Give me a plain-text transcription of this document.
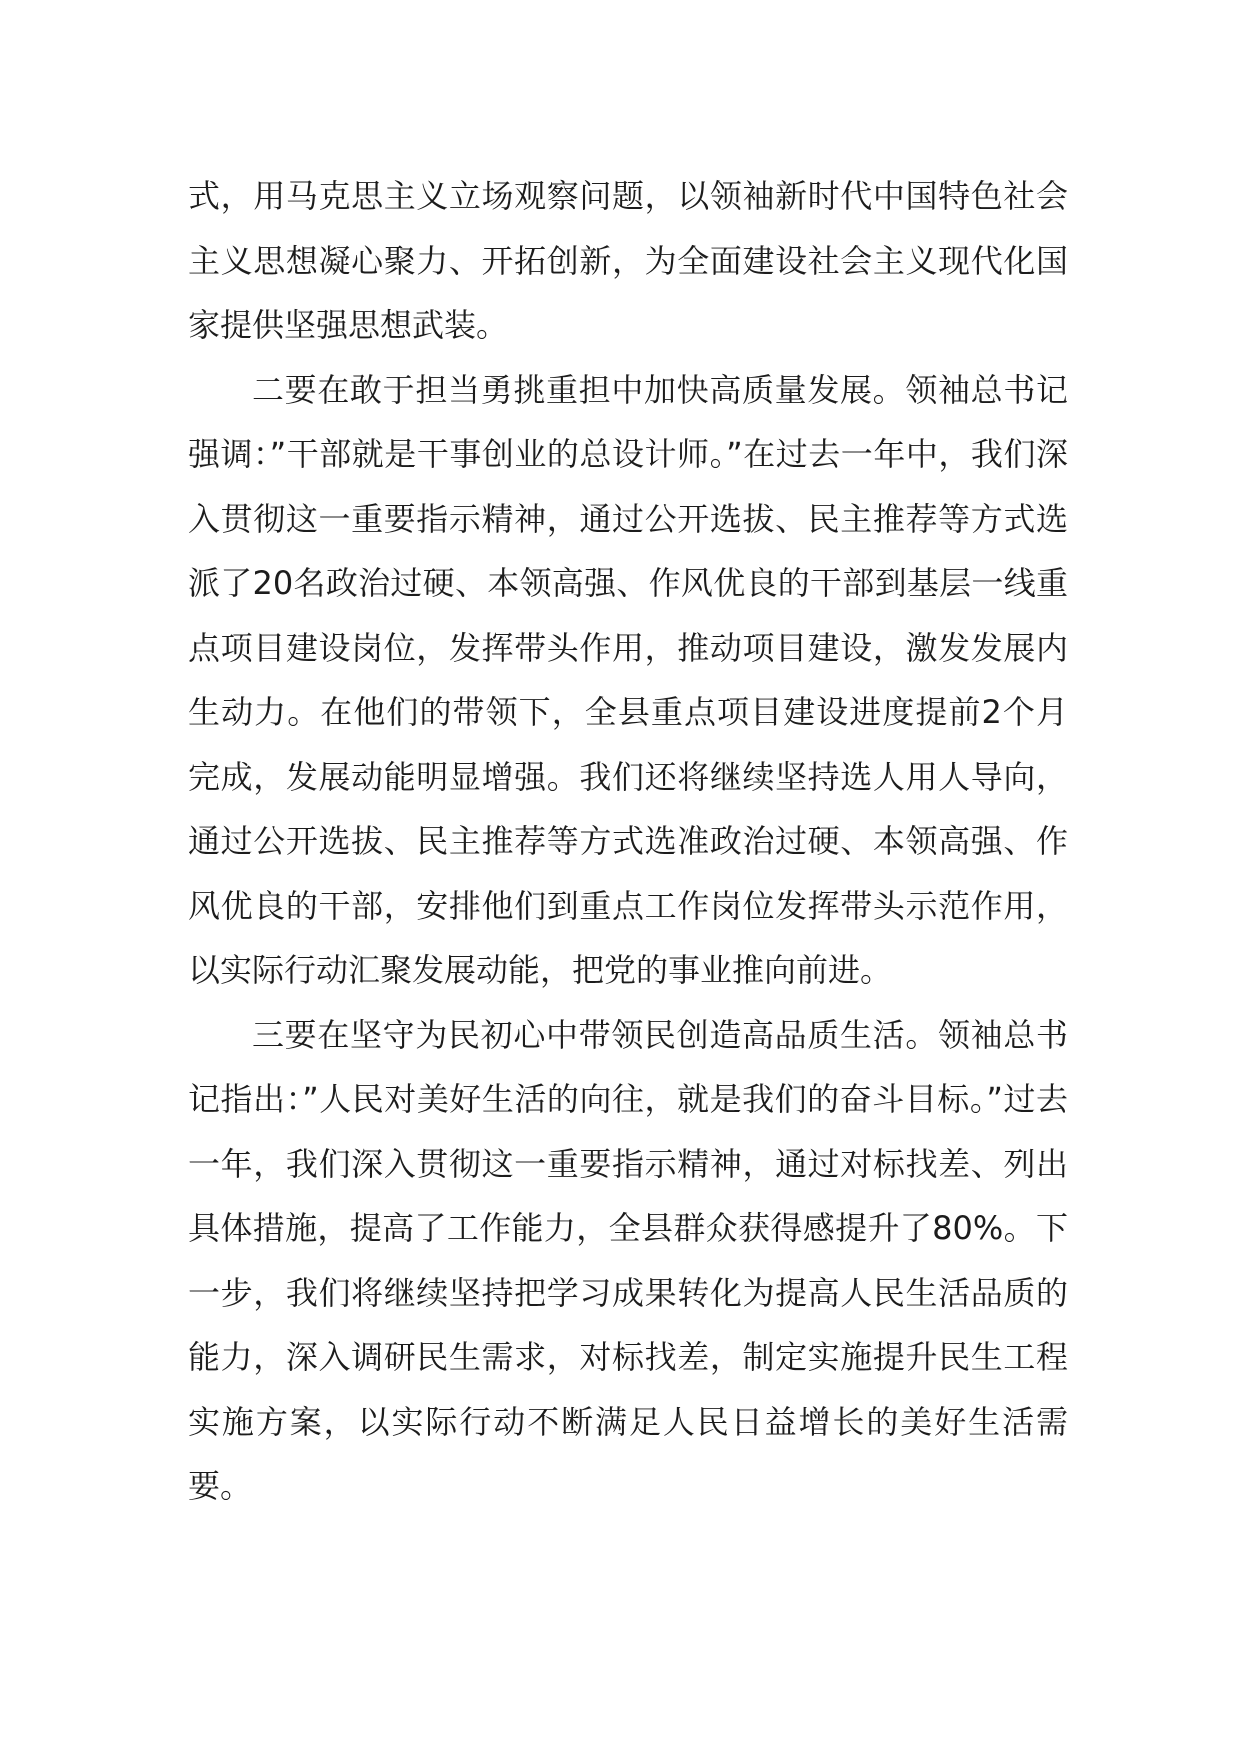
式，用马克思主义立场观察问题，以领袖新时代中国特色社会主义思想凝心聚力、开拓创新，为全面建设社会主义现代化国家提供坚强思想武装。

二要在敢于担当勇挑重担中加快高质量发展。领袖总书记强调：”干部就是干事创业的总设计师。”在过去一年中，我们深入贯彻这一重要指示精神，通过公开选拔、民主推荐等方式选派了20名政治过硬、本领高强、作风优良的干部到基层一线重点项目建设岗位，发挥带头作用，推动项目建设，激发发展内生动力。在他们的带领下，全县重点项目建设进度提前2个月完成，发展动能明显增强。我们还将继续坚持选人用人导向，通过公开选拔、民主推荐等方式选准政治过硬、本领高强、作风优良的干部，安排他们到重点工作岗位发挥带头示范作用，以实际行动汇聚发展动能，把党的事业推向前进。

三要在坚守为民初心中带领民创造高品质生活。领袖总书记指出：”人民对美好生活的向往，就是我们的奋斗目标。”过去一年，我们深入贯彻这一重要指示精神，通过对标找差、列出具体措施，提高了工作能力，全县群众获得感提升了80%。下一步，我们将继续坚持把学习成果转化为提高人民生活品质的能力，深入调研民生需求，对标找差，制定实施提升民生工程实施方案，以实际行动不断满足人民日益增长的美好生活需要。
